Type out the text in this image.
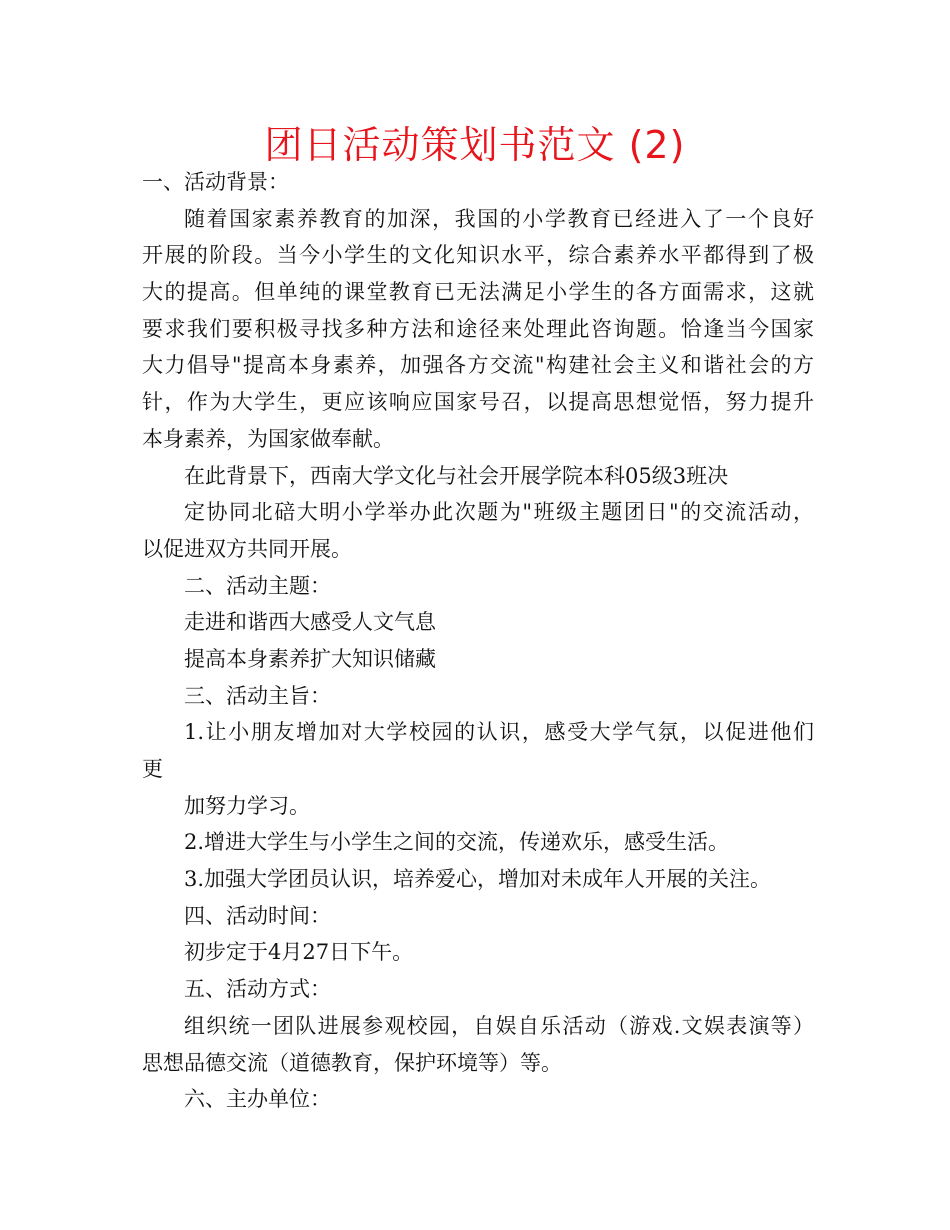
团日活动策划书范文 (2)
一、活动背景：
随着国家素养教育的加深，我国的小学教育已经进入了一个良好
开展的阶段。当今小学生的文化知识水平，综合素养水平都得到了极
大的提高。但单纯的课堂教育已无法满足小学生的各方面需求，这就
要求我们要积极寻找多种方法和途径来处理此咨询题。恰逢当今国家
大力倡导"提高本身素养，加强各方交流"构建社会主义和谐社会的方
针，作为大学生，更应该响应国家号召，以提高思想觉悟，努力提升
本身素养，为国家做奉献。
在此背景下，西南大学文化与社会开展学院本科05级3班决
定协同北碚大明小学举办此次题为"班级主题团日"的交流活动，
以促进双方共同开展。
二、活动主题：
走进和谐西大感受人文气息
提高本身素养扩大知识储藏
三、活动主旨：
1.让小朋友增加对大学校园的认识，感受大学气氛，以促进他们
更
加努力学习。
2.增进大学生与小学生之间的交流，传递欢乐，感受生活。
3.加强大学团员认识，培养爱心，增加对未成年人开展的关注。
四、活动时间：
初步定于4月27日下午。
五、活动方式：
组织统一团队进展参观校园，自娱自乐活动（游戏.文娱表演等）
思想品德交流（道德教育，保护环境等）等。
六、主办单位：
